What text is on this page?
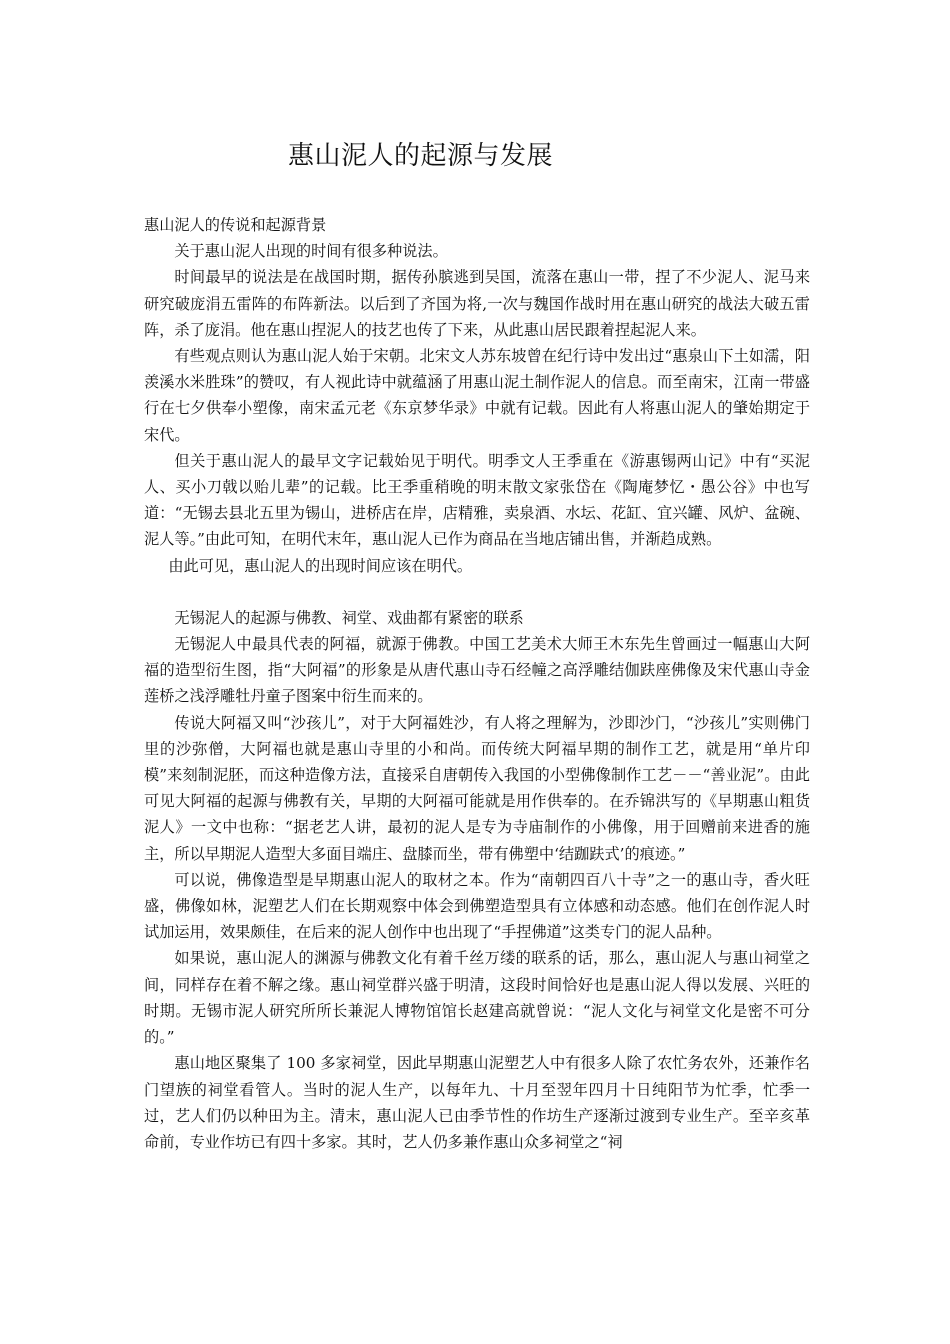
惠山泥人的起源与发展

惠山泥人的传说和起源背景

关于惠山泥人出现的时间有很多种说法。

时间最早的说法是在战国时期，据传孙膑逃到吴国，流落在惠山一带，捏了不少泥人、泥马来研究破庞涓五雷阵的布阵新法。以后到了齐国为将,一次与魏国作战时用在惠山研究的战法大破五雷阵，杀了庞涓。他在惠山捏泥人的技艺也传了下来，从此惠山居民跟着捏起泥人来。

有些观点则认为惠山泥人始于宋朝。北宋文人苏东坡曾在纪行诗中发出过“惠泉山下土如濡，阳羡溪水米胜珠”的赞叹，有人视此诗中就蕴涵了用惠山泥土制作泥人的信息。而至南宋，江南一带盛行在七夕供奉小塑像，南宋孟元老《东京梦华录》中就有记载。因此有人将惠山泥人的肇始期定于宋代。

但关于惠山泥人的最早文字记载始见于明代。明季文人王季重在《游惠锡两山记》中有“买泥人、买小刀戟以贻儿辈”的记载。比王季重稍晚的明末散文家张岱在《陶庵梦忆・愚公谷》中也写道：“无锡去县北五里为锡山，进桥店在岸，店精雅，卖泉酒、水坛、花缸、宜兴罐、风炉、盆碗、泥人等。”由此可知，在明代末年，惠山泥人已作为商品在当地店铺出售，并渐趋成熟。

由此可见，惠山泥人的出现时间应该在明代。

无锡泥人的起源与佛教、祠堂、戏曲都有紧密的联系

无锡泥人中最具代表的阿福，就源于佛教。中国工艺美术大师王木东先生曾画过一幅惠山大阿福的造型衍生图，指“大阿福”的形象是从唐代惠山寺石经幢之高浮雕结伽趺座佛像及宋代惠山寺金莲桥之浅浮雕牡丹童子图案中衍生而来的。

传说大阿福又叫“沙孩儿”，对于大阿福姓沙，有人将之理解为，沙即沙门，“沙孩儿”实则佛门里的沙弥僧，大阿福也就是惠山寺里的小和尚。而传统大阿福早期的制作工艺，就是用“单片印模”来刻制泥胚，而这种造像方法，直接采自唐朝传入我国的小型佛像制作工艺－－“善业泥”。由此可见大阿福的起源与佛教有关，早期的大阿福可能就是用作供奉的。在乔锦洪写的《早期惠山粗货泥人》一文中也称：“据老艺人讲，最初的泥人是专为寺庙制作的小佛像，用于回赠前来进香的施主，所以早期泥人造型大多面目端庄、盘膝而坐，带有佛塑中‘结跏趺式’的痕迹。”

可以说，佛像造型是早期惠山泥人的取材之本。作为“南朝四百八十寺”之一的惠山寺，香火旺盛，佛像如林，泥塑艺人们在长期观察中体会到佛塑造型具有立体感和动态感。他们在创作泥人时试加运用，效果颇佳，在后来的泥人创作中也出现了“手捏佛道”这类专门的泥人品种。

如果说，惠山泥人的渊源与佛教文化有着千丝万缕的联系的话，那么，惠山泥人与惠山祠堂之间，同样存在着不解之缘。惠山祠堂群兴盛于明清，这段时间恰好也是惠山泥人得以发展、兴旺的时期。无锡市泥人研究所所长兼泥人博物馆馆长赵建高就曾说：“泥人文化与祠堂文化是密不可分的。”

惠山地区聚集了 100 多家祠堂，因此早期惠山泥塑艺人中有很多人除了农忙务农外，还兼作名门望族的祠堂看管人。当时的泥人生产，以每年九、十月至翌年四月十日纯阳节为忙季，忙季一过，艺人们仍以种田为主。清末，惠山泥人已由季节性的作坊生产逐渐过渡到专业生产。至辛亥革命前，专业作坊已有四十多家。其时，艺人仍多兼作惠山众多祠堂之“祠
